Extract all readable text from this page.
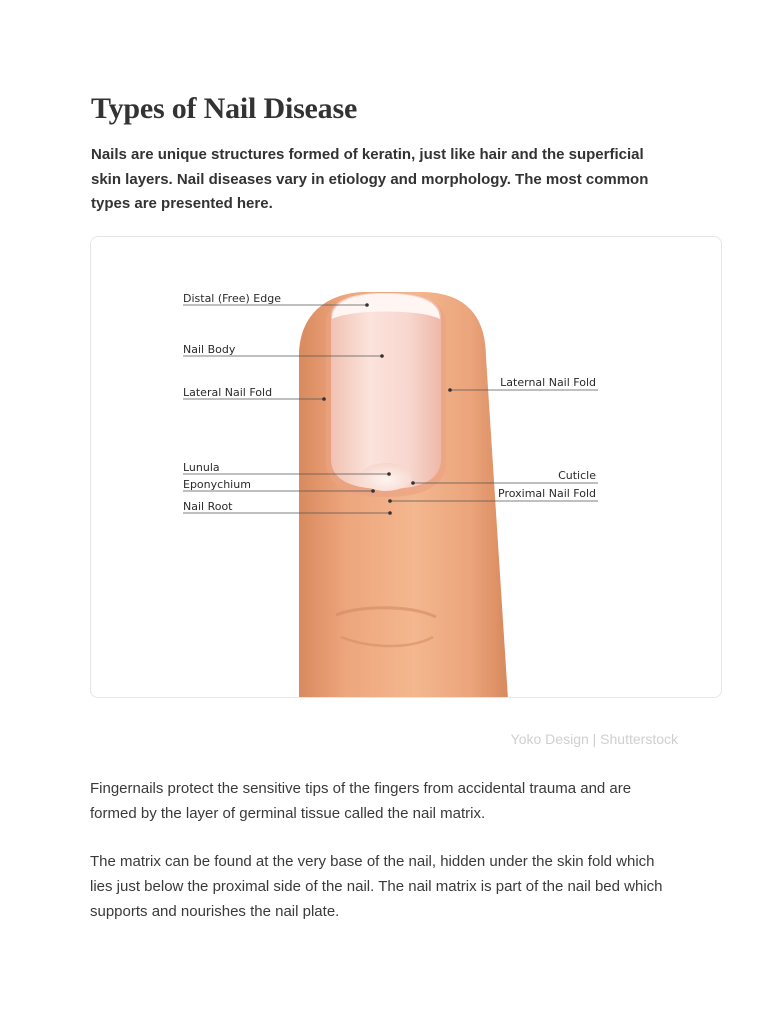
Types of Nail Disease

Nails are unique structures formed of keratin, just like hair and the superficial skin layers. Nail diseases vary in etiology and morphology. The most common types are presented here.

Distal (Free) Edge
Nail Body
Lateral Nail Fold
Laternal Nail Fold
Lunula
Eponychium
Nail Root
Cuticle
Proximal Nail Fold
Yoko Design | Shutterstock

Fingernails protect the sensitive tips of the fingers from accidental trauma and are formed by the layer of germinal tissue called the nail matrix.

The matrix can be found at the very base of the nail, hidden under the skin fold which lies just below the proximal side of the nail. The nail matrix is part of the nail bed which supports and nourishes the nail plate.
